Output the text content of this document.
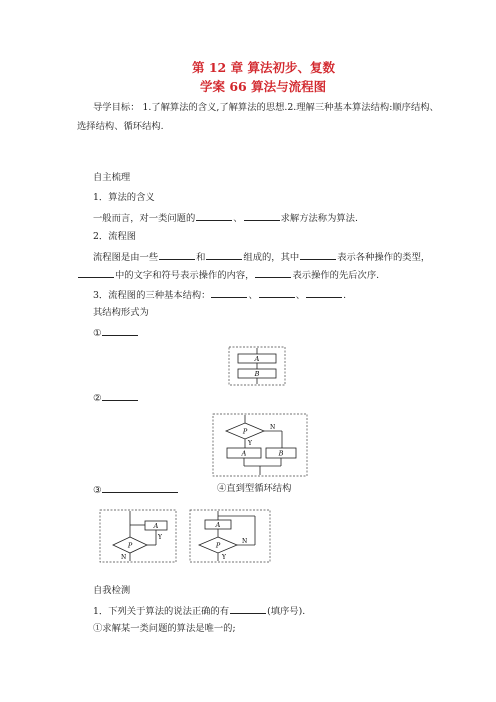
第 12 章 算法初步、复数
学案 66 算法与流程图
导学目标： 1.了解算法的含义,了解算法的思想.2.理解三种基本算法结构:顺序结构、
选择结构、循环结构.
自主梳理
1．算法的含义
一般而言，对一类问题的	、	求解方法称为算法.
2．流程图
流程图是由一些	和	组成的，其中	表示各种操作的类型，
中的文字和符号表示操作的内容，	表示操作的先后次序.
3．流程图的三种基本结构：	、	、	.
其结构形式为
①
A
B
②
P	N
Y
A	B
③	④直到型循环结构
A
Y
P
N
A
P	N
Y
自我检测
1．下列关于算法的说法正确的有	(填序号).
①求解某一类问题的算法是唯一的;
